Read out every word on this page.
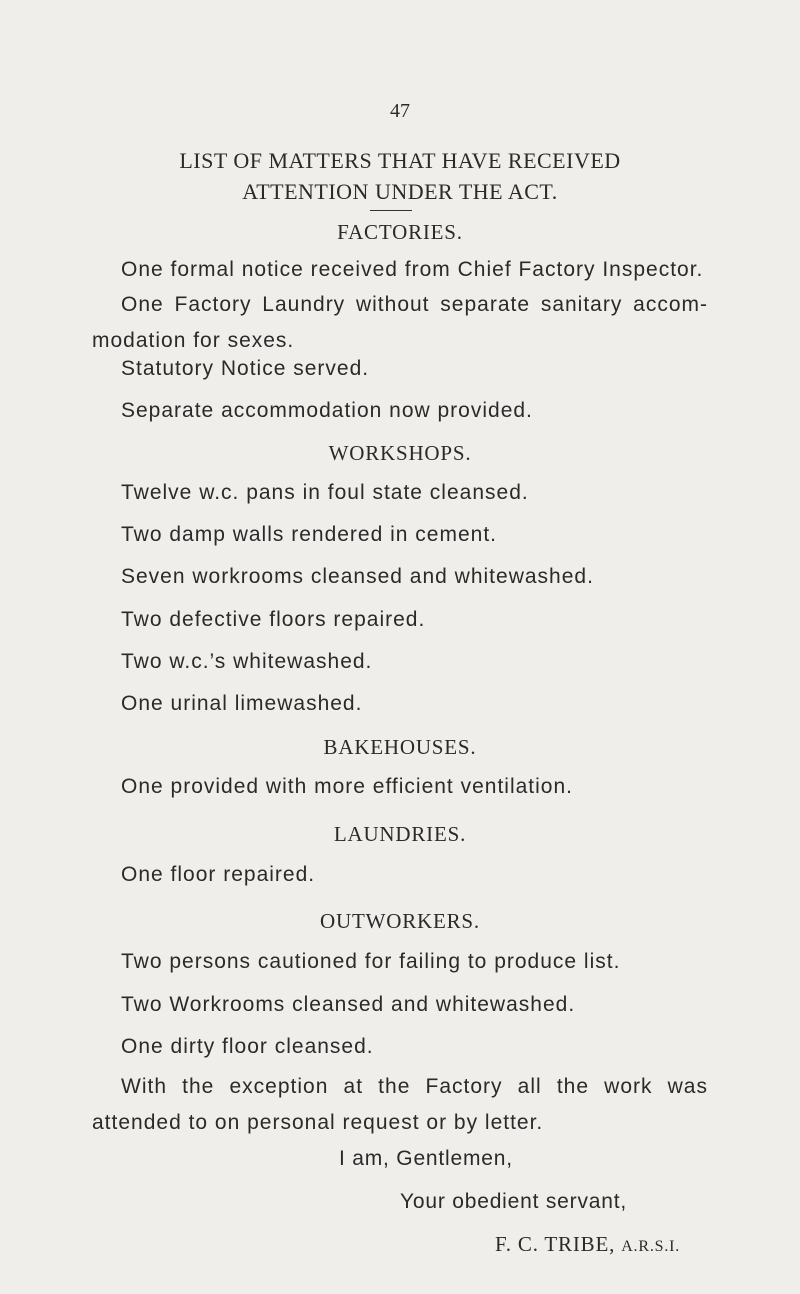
47
LIST OF MATTERS THAT HAVE RECEIVED
ATTENTION UNDER THE ACT.
FACTORIES.
One formal notice received from Chief Factory Inspector.
One Factory Laundry without separate sanitary accom- modation for sexes.
Statutory Notice served.
Separate accommodation now provided.
WORKSHOPS.
Twelve w.c. pans in foul state cleansed.
Two damp walls rendered in cement.
Seven workrooms cleansed and whitewashed.
Two defective floors repaired.
Two w.c.’s whitewashed.
One urinal limewashed.
BAKEHOUSES.
One provided with more efficient ventilation.
LAUNDRIES.
One floor repaired.
OUTWORKERS.
Two persons cautioned for failing to produce list.
Two Workrooms cleansed and whitewashed.
One dirty floor cleansed.
With the exception at the Factory all the work was attended to on personal request or by letter.
I am, Gentlemen,
Your obedient servant,
F. C. TRIBE, A.R.S.I.
